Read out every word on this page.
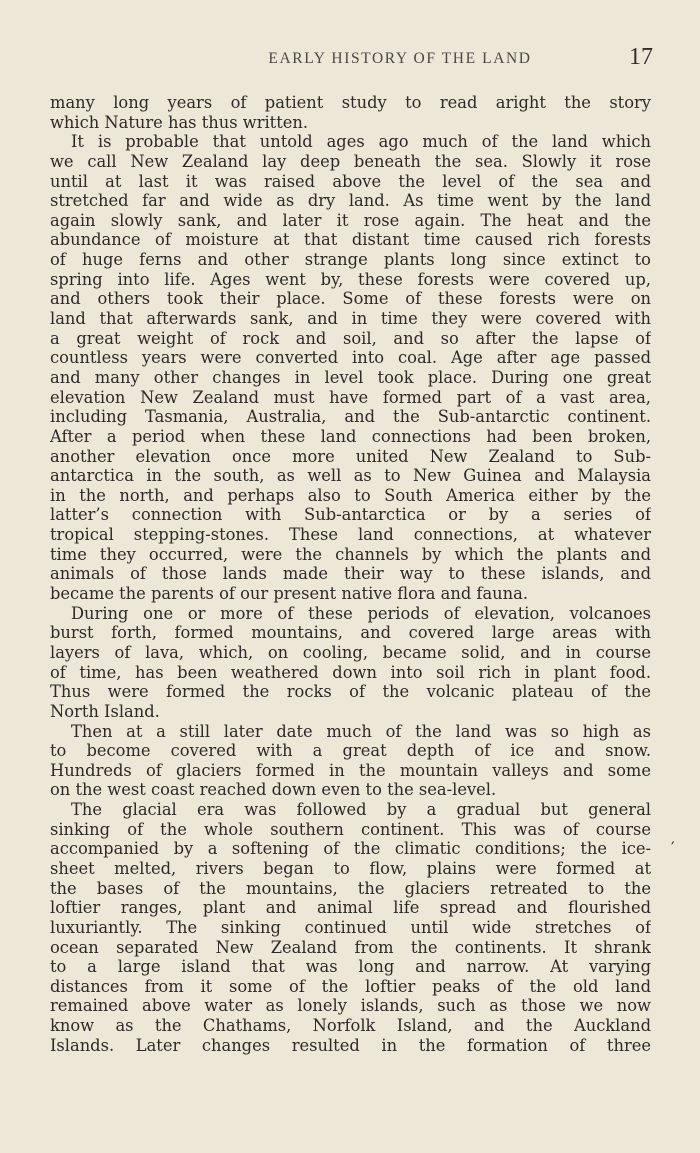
EARLY HISTORY OF THE LAND	17
many long years of patient study to read aright the story
which Nature has thus written.
It is probable that untold ages ago much of the land which
we call New Zealand lay deep beneath the sea. Slowly it rose
until at last it was raised above the level of the sea and
stretched far and wide as dry land. As time went by the land
again slowly sank, and later it rose again. The heat and the
abundance of moisture at that distant time caused rich forests
of huge ferns and other strange plants long since extinct to
spring into life. Ages went by, these forests were covered up,
and others took their place. Some of these forests were on
land that afterwards sank, and in time they were covered with
a great weight of rock and soil, and so after the lapse of
countless years were converted into coal. Age after age passed
and many other changes in level took place. During one great
elevation New Zealand must have formed part of a vast area,
including Tasmania, Australia, and the Sub-antarctic continent.
After a period when these land connections had been broken,
another elevation once more united New Zealand to Sub-
antarctica in the south, as well as to New Guinea and Malaysia
in the north, and perhaps also to South America either by the
latter’s connection with Sub-antarctica or by a series of
tropical stepping-stones. These land connections, at whatever
time they occurred, were the channels by which the plants and
animals of those lands made their way to these islands, and
became the parents of our present native flora and fauna.
During one or more of these periods of elevation, volcanoes
burst forth, formed mountains, and covered large areas with
layers of lava, which, on cooling, became solid, and in course
of time, has been weathered down into soil rich in plant food.
Thus were formed the rocks of the volcanic plateau of the
North Island.
Then at a still later date much of the land was so high as
to become covered with a great depth of ice and snow.
Hundreds of glaciers formed in the mountain valleys and some
on the west coast reached down even to the sea-level.
The glacial era was followed by a gradual but general
sinking of the whole southern continent. This was of course
accompanied by a softening of the climatic conditions; the ice-
sheet melted, rivers began to flow, plains were formed at
the bases of the mountains, the glaciers retreated to the
loftier ranges, plant and animal life spread and flourished
luxuriantly. The sinking continued until wide stretches of
ocean separated New Zealand from the continents. It shrank
to a large island that was long and narrow. At varying
distances from it some of the loftier peaks of the old land
remained above water as lonely islands, such as those we now
know as the Chathams, Norfolk Island, and the Auckland
Islands. Later changes resulted in the formation of three
′
